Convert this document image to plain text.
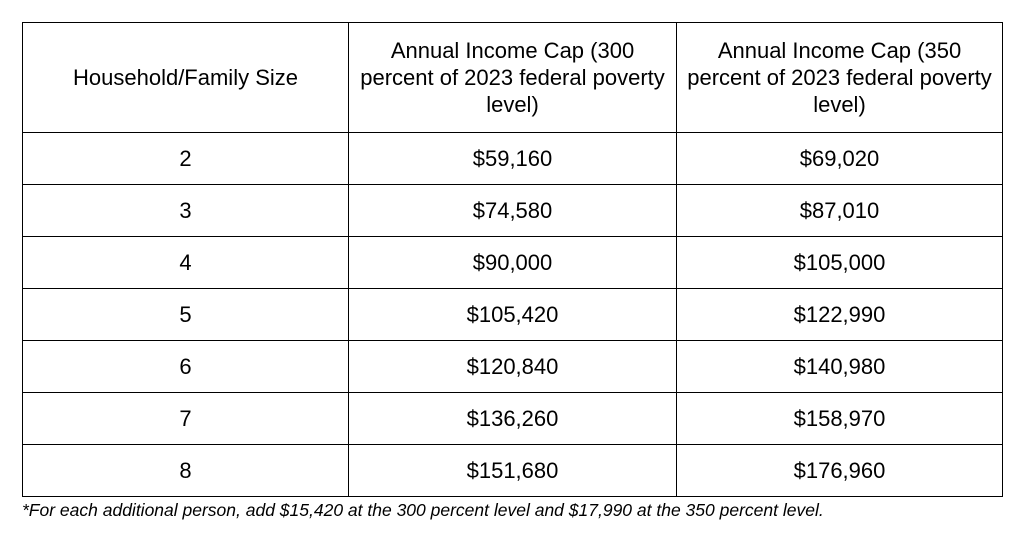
Household/Family Size	Annual Income Cap (300 percent of 2023 federal poverty level)	Annual Income Cap (350 percent of 2023 federal poverty level)
2	$59,160	$69,020
3	$74,580	$87,010
4	$90,000	$105,000
5	$105,420	$122,990
6	$120,840	$140,980
7	$136,260	$158,970
8	$151,680	$176,960
*For each additional person, add $15,420 at the 300 percent level and $17,990 at the 350 percent level.
